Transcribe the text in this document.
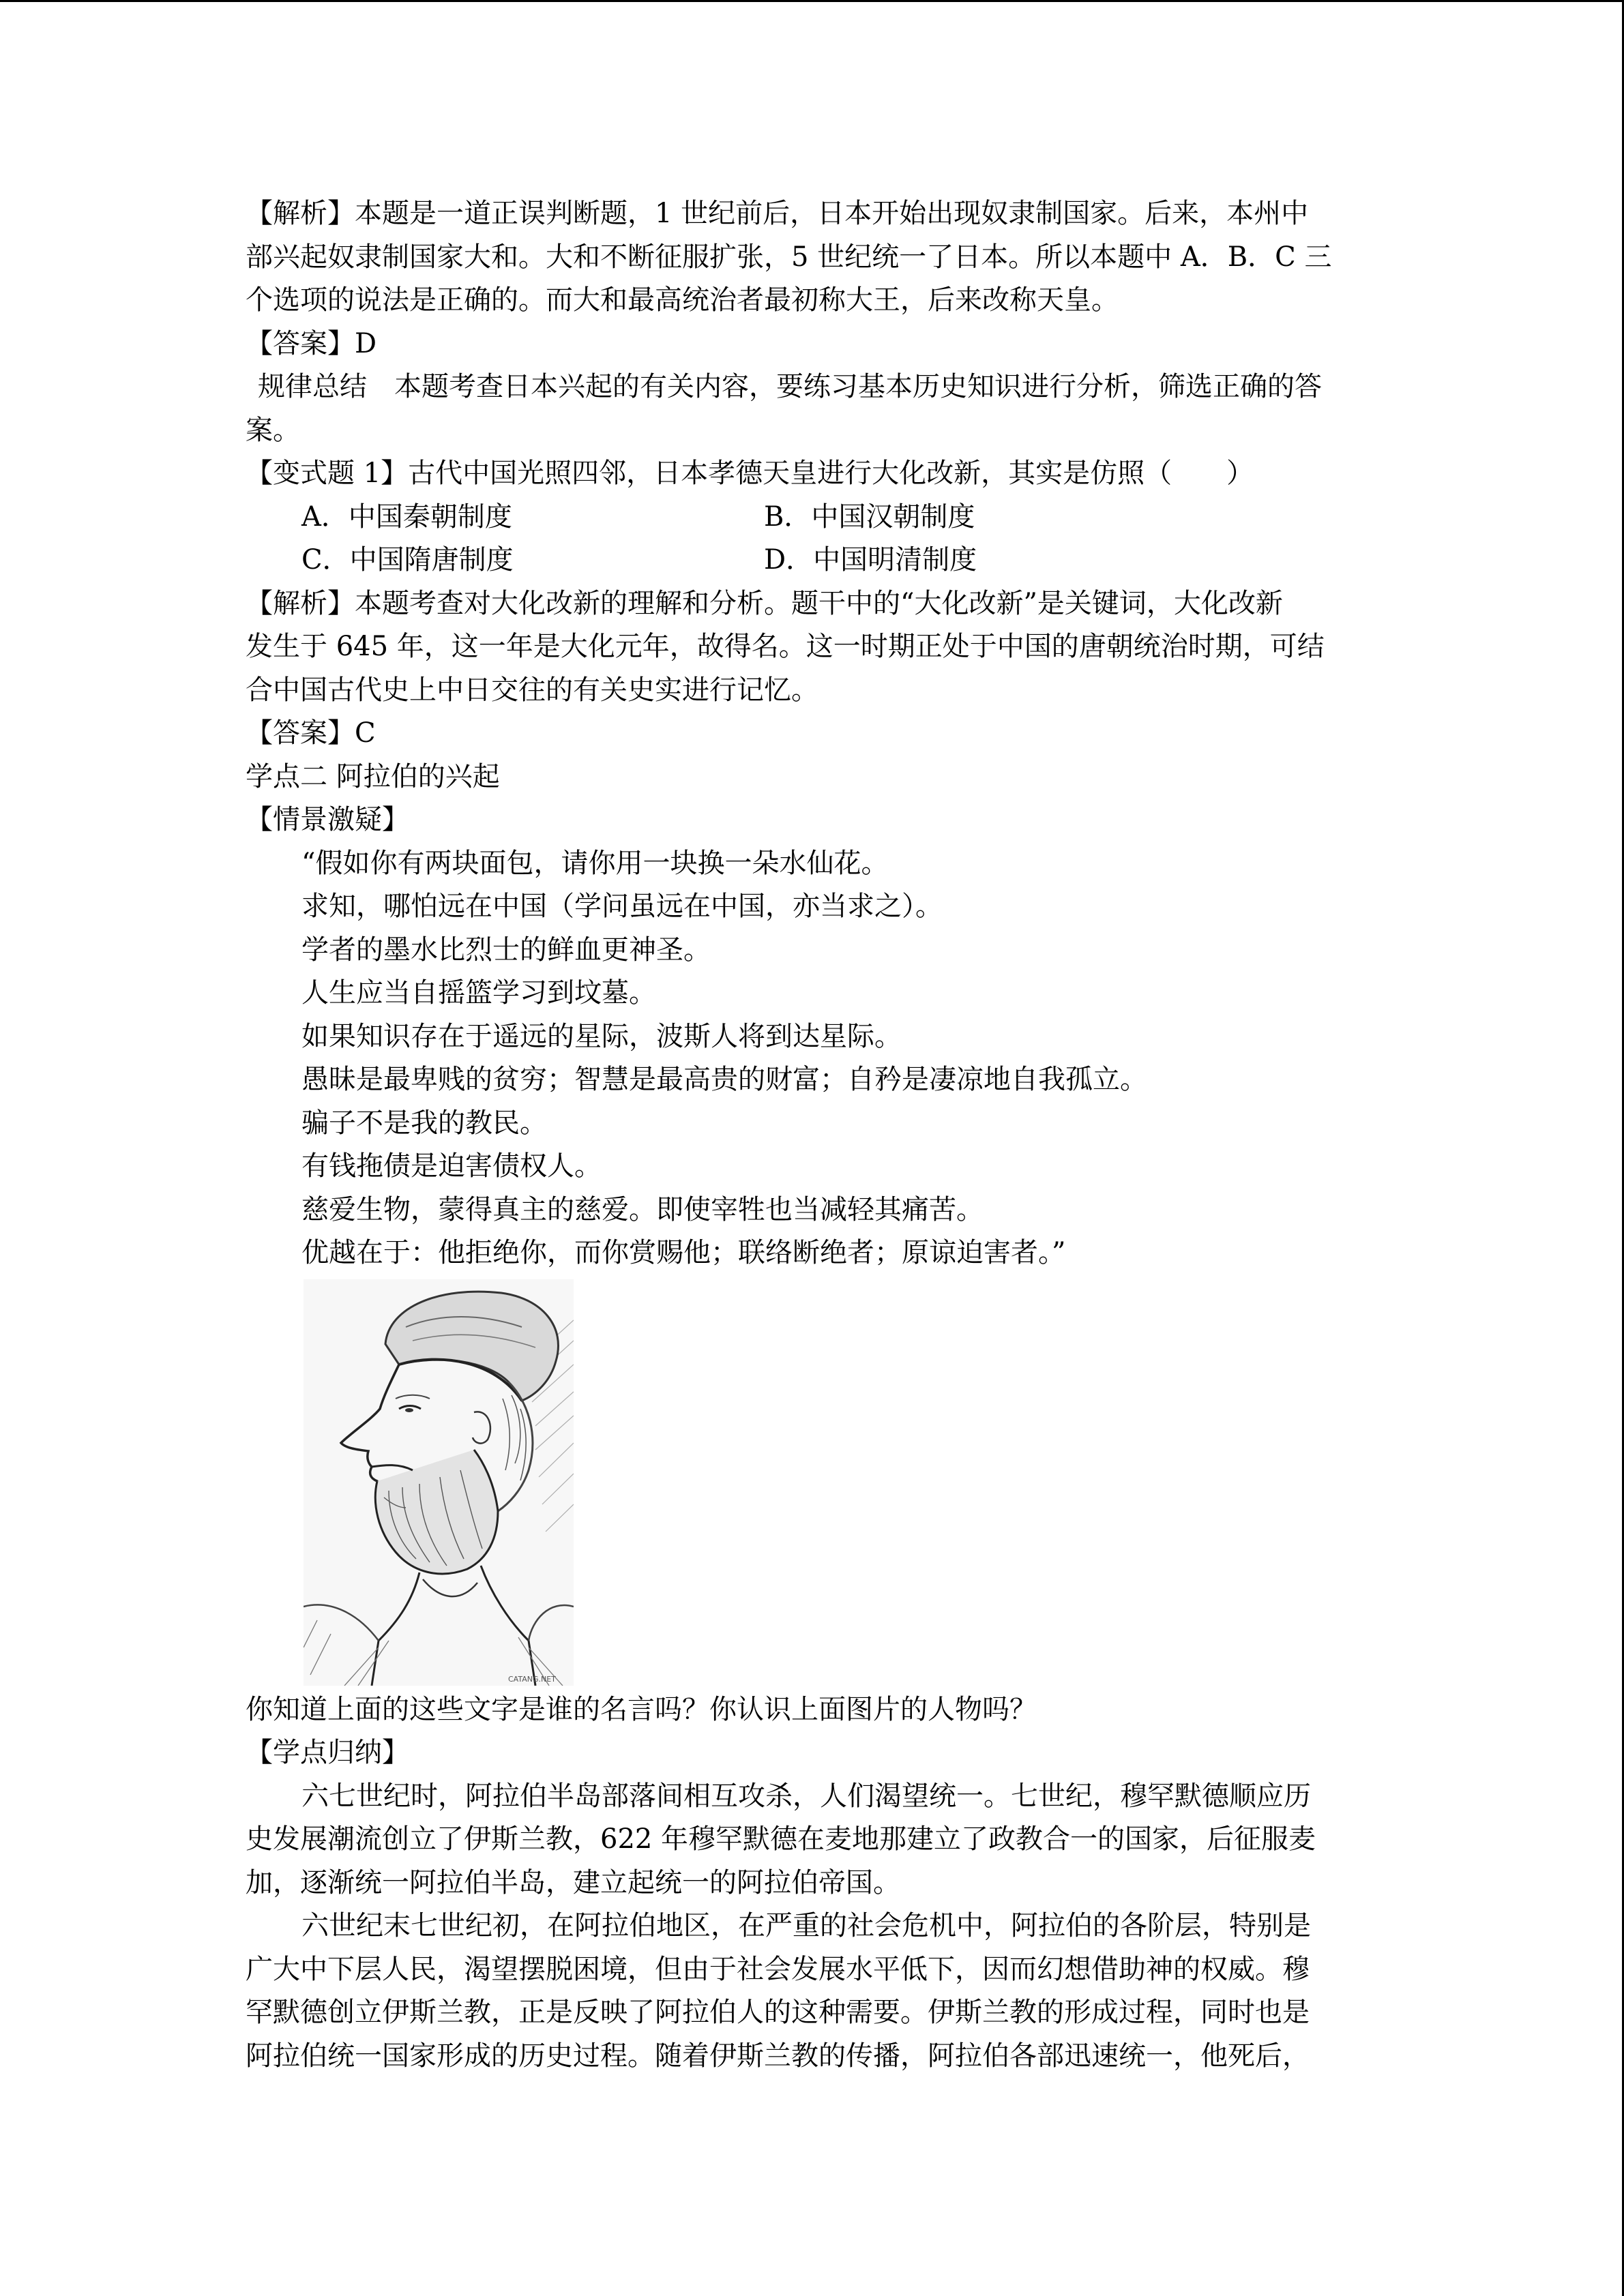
【解析】本题是一道正误判断题，1 世纪前后，日本开始出现奴隶制国家。后来，本州中
部兴起奴隶制国家大和。大和不断征服扩张，5 世纪统一了日本。所以本题中 A．B．C 三
个选项的说法是正确的。而大和最高统治者最初称大王，后来改称天皇。
【答案】D
规律总结　本题考查日本兴起的有关内容，要练习基本历史知识进行分析，筛选正确的答
案。
【变式题 1】古代中国光照四邻，日本孝德天皇进行大化改新，其实是仿照（　　）
A．中国秦朝制度	B．中国汉朝制度
C．中国隋唐制度	D．中国明清制度
【解析】本题考查对大化改新的理解和分析。题干中的“大化改新”是关键词，大化改新
发生于 645 年，这一年是大化元年，故得名。这一时期正处于中国的唐朝统治时期，可结
合中国古代史上中日交往的有关史实进行记忆。
【答案】C
学点二 阿拉伯的兴起
【情景激疑】
“假如你有两块面包，请你用一块换一朵水仙花。
求知，哪怕远在中国（学问虽远在中国，亦当求之）。
学者的墨水比烈士的鲜血更神圣。
人生应当自摇篮学习到坟墓。
如果知识存在于遥远的星际，波斯人将到达星际。
愚昧是最卑贱的贫穷；智慧是最高贵的财富；自矜是凄凉地自我孤立。
骗子不是我的教民。
有钱拖债是迫害债权人。
慈爱生物，蒙得真主的慈爱。即使宰牲也当减轻其痛苦。
优越在于：他拒绝你，而你赏赐他；联络断绝者；原谅迫害者。”
CATANG.NET
你知道上面的这些文字是谁的名言吗？你认识上面图片的人物吗？
【学点归纳】
六七世纪时，阿拉伯半岛部落间相互攻杀，人们渴望统一。七世纪，穆罕默德顺应历
史发展潮流创立了伊斯兰教，622 年穆罕默德在麦地那建立了政教合一的国家，后征服麦
加，逐渐统一阿拉伯半岛，建立起统一的阿拉伯帝国。
六世纪末七世纪初，在阿拉伯地区，在严重的社会危机中，阿拉伯的各阶层，特别是
广大中下层人民，渴望摆脱困境，但由于社会发展水平低下，因而幻想借助神的权威。穆
罕默德创立伊斯兰教，正是反映了阿拉伯人的这种需要。伊斯兰教的形成过程，同时也是
阿拉伯统一国家形成的历史过程。随着伊斯兰教的传播，阿拉伯各部迅速统一，他死后，
